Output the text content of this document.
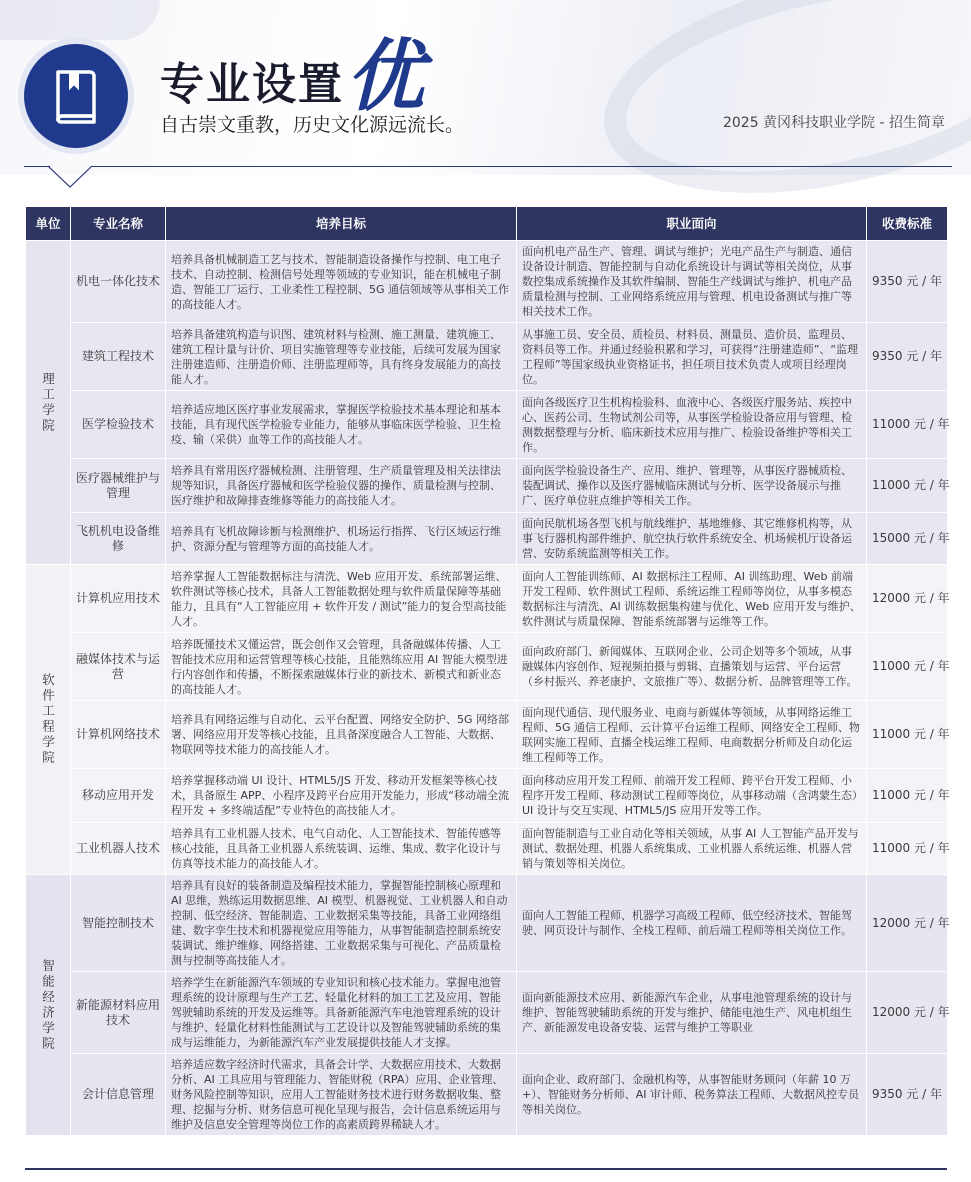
专业设置 优
自古崇文重教，历史文化源远流长。	2025 黄冈科技职业学院 - 招生简章
单位	专业名称	培养目标	职业面向	收费标准
理工学院	机电一体化技术	培养具备机械制造工艺与技术、智能制造设备操作与控制、电工电子技术、自动控制、检测信号处理等领域的专业知识，能在机械电子制造、智能工厂运行、工业柔性工程控制、5G 通信领域等从事相关工作的高技能人才。	面向机电产品生产、管理、调试与维护；光电产品生产与制造、通信设备设计制造、智能控制与自动化系统设计与调试等相关岗位，从事数控集成系统操作及其软件编制、智能生产线调试与维护、机电产品质量检测与控制、工业网络系统应用与管理、机电设备测试与推广等相关技术工作。	9350 元 / 年
	建筑工程技术	培养具备建筑构造与识图、建筑材料与检测、施工测量、建筑施工、建筑工程计量与计价、项目实施管理等专业技能，后续可发展为国家注册建造师、注册造价师、注册监理师等，具有终身发展能力的高技能人才。	从事施工员、安全员、质检员、材料员、测量员、造价员、监理员、资料员等工作。并通过经验积累和学习，可获得“注册建造师”、“监理工程师”等国家级执业资格证书，担任项目技术负责人或项目经理岗位。	9350 元 / 年
	医学检验技术	培养适应地区医疗事业发展需求，掌握医学检验技术基本理论和基本技能，具有现代医学检验专业能力，能够从事临床医学检验、卫生检疫、输（采供）血等工作的高技能人才。	面向各级医疗卫生机构检验科、血液中心、各级医疗服务站、疾控中心、医药公司、生物试剂公司等，从事医学检验设备应用与管理、检测数据整理与分析、临床新技术应用与推广、检验设备维护等相关工作。	11000 元 / 年
	医疗器械维护与管理	培养具有常用医疗器械检测、注册管理、生产质量管理及相关法律法规等知识，具备医疗器械和医学检验仪器的操作、质量检测与控制、医疗维护和故障排查维修等能力的高技能人才。	面向医学检验设备生产、应用、维护、管理等，从事医疗器械质检、装配调试、操作以及医疗器械临床测试与分析、医学设备展示与推广、医疗单位驻点维护等相关工作。	11000 元 / 年
	飞机机电设备维修	培养具有飞机故障诊断与检测维护、机场运行指挥、飞行区域运行维护、资源分配与管理等方面的高技能人才。	面向民航机场各型飞机与航线维护、基地维修、其它维修机构等，从事飞行器机构部件维护、航空执行软件系统安全、机场候机厅设备运营、安防系统监测等相关工作。	15000 元 / 年
软件工程学院	计算机应用技术	培养掌握人工智能数据标注与清洗、Web 应用开发、系统部署运维、软件测试等核心技术，具备人工智能数据处理与软件质量保障等基础能力，且具有“人工智能应用 + 软件开发 / 测试”能力的复合型高技能人才。	面向人工智能训练师、AI 数据标注工程师、AI 训练助理、Web 前端开发工程师、软件测试工程师、系统运维工程师等岗位，从事多模态数据标注与清洗、AI 训练数据集构建与优化、Web 应用开发与维护、软件测试与质量保障、智能系统部署与运维等工作。	12000 元 / 年
	融媒体技术与运营	培养既懂技术又懂运营，既会创作又会管理，具备融媒体传播、人工智能技术应用和运营管理等核心技能，且能熟练应用 AI 智能大模型进行内容创作和传播，不断探索融媒体行业的新技术、新模式和新业态的高技能人才。	面向政府部门、新闻媒体、互联网企业、公司企划等多个领域，从事融媒体内容创作、短视频拍摄与剪辑、直播策划与运营、平台运营（乡村振兴、养老康护、文旅推广等）、数据分析、品牌管理等工作。	11000 元 / 年
	计算机网络技术	培养具有网络运维与自动化、云平台配置、网络安全防护、5G 网络部署、网络应用开发等核心技能，且具备深度融合人工智能、大数据、物联网等技术能力的高技能人才。	面向现代通信、现代服务业、电商与新媒体等领域，从事网络运维工程师、5G 通信工程师、云计算平台运维工程师、网络安全工程师、物联网实施工程师、直播全栈运维工程师、电商数据分析师及自动化运维工程师等工作。	11000 元 / 年
	移动应用开发	培养掌握移动端 UI 设计、HTML5/JS 开发、移动开发框架等核心技术，具备原生 APP、小程序及跨平台应用开发能力，形成“移动端全流程开发 + 多终端适配”专业特色的高技能人才。	面向移动应用开发工程师、前端开发工程师、跨平台开发工程师、小程序开发工程师、移动测试工程师等岗位，从事移动端（含鸿蒙生态）UI 设计与交互实现、HTML5/JS 应用开发等工作。	11000 元 / 年
	工业机器人技术	培养具有工业机器人技术、电气自动化、人工智能技术、智能传感等核心技能，且具备工业机器人系统装调、运维、集成、数字化设计与仿真等技术能力的高技能人才。	面向智能制造与工业自动化等相关领域，从事 AI 人工智能产品开发与测试、数据处理、机器人系统集成、工业机器人系统运维、机器人营销与策划等相关岗位。	11000 元 / 年
智能经济学院	智能控制技术	培养具有良好的装备制造及编程技术能力，掌握智能控制核心原理和 AI 思维，熟练运用数据思维、AI 模型、机器视觉、工业机器人和自动控制、低空经济、智能制造、工业数据采集等技能，具备工业网络组建、数字孪生技术和机器视觉应用等能力，从事智能制造控制系统安装调试、维护维修、网络搭建、工业数据采集与可视化、产品质量检测与控制等高技能人才。	面向人工智能工程师、机器学习高级工程师、低空经济技术、智能驾驶、网页设计与制作、全栈工程师、前后端工程师等相关岗位工作。	12000 元 / 年
	新能源材料应用技术	培养学生在新能源汽车领域的专业知识和核心技术能力。掌握电池管理系统的设计原理与生产工艺、轻量化材料的加工工艺及应用、智能驾驶辅助系统的开发及运维等。具备新能源汽车电池管理系统的设计与维护、轻量化材料性能测试与工艺设计以及智能驾驶辅助系统的集成与运维能力，为新能源汽车产业发展提供技能人才支撑。	面向新能源技术应用、新能源汽车企业，从事电池管理系统的设计与维护、智能驾驶辅助系统的开发与维护、储能电池生产、风电机组生产、新能源发电设备安装、运营与维护工等职业	12000 元 / 年
	会计信息管理	培养适应数字经济时代需求，具备会计学、大数据应用技术、大数据分析、AI 工具应用与管理能力、智能财税（RPA）应用、企业管理、财务风险控制等知识，应用人工智能财务技术进行财务数据收集、整理、挖掘与分析、财务信息可视化呈现与报告，会计信息系统运用与维护及信息安全管理等岗位工作的高素质跨界稀缺人才。	面向企业、政府部门、金融机构等，从事智能财务顾问（年薪 10 万 +）、智能财务分析师、AI 审计师、税务算法工程师、大数据风控专员等相关岗位。	9350 元 / 年
